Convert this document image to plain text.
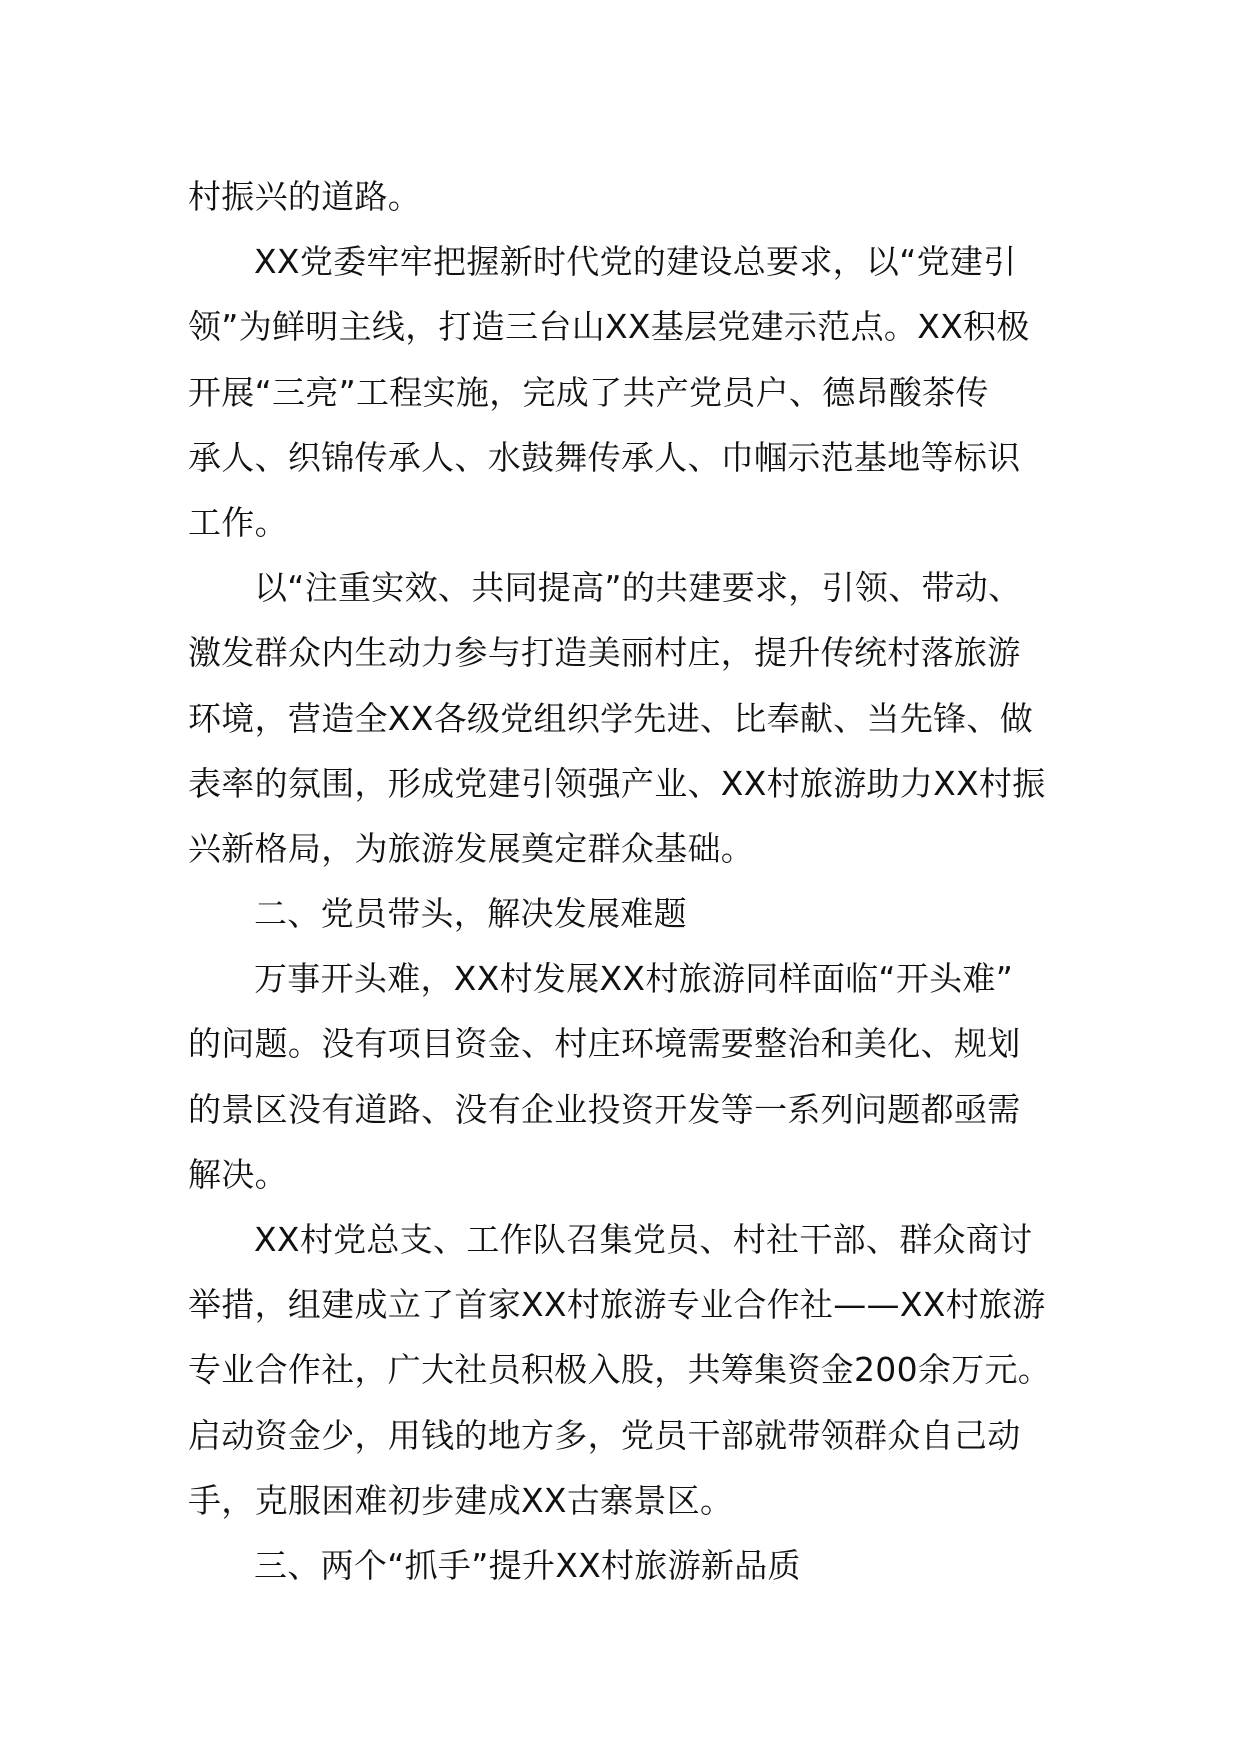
村振兴的道路。
XX党委牢牢把握新时代党的建设总要求，以“党建引
领”为鲜明主线，打造三台山XX基层党建示范点。XX积极
开展“三亮”工程实施，完成了共产党员户、德昂酸茶传
承人、织锦传承人、水鼓舞传承人、巾帼示范基地等标识
工作。
以“注重实效、共同提高”的共建要求，引领、带动、
激发群众内生动力参与打造美丽村庄，提升传统村落旅游
环境，营造全XX各级党组织学先进、比奉献、当先锋、做
表率的氛围，形成党建引领强产业、XX村旅游助力XX村振
兴新格局，为旅游发展奠定群众基础。
二、党员带头，解决发展难题
万事开头难，XX村发展XX村旅游同样面临“开头难”
的问题。没有项目资金、村庄环境需要整治和美化、规划
的景区没有道路、没有企业投资开发等一系列问题都亟需
解决。
XX村党总支、工作队召集党员、村社干部、群众商讨
举措，组建成立了首家XX村旅游专业合作社——XX村旅游
专业合作社，广大社员积极入股，共筹集资金200余万元。
启动资金少，用钱的地方多，党员干部就带领群众自己动
手，克服困难初步建成XX古寨景区。
三、两个“抓手”提升XX村旅游新品质
